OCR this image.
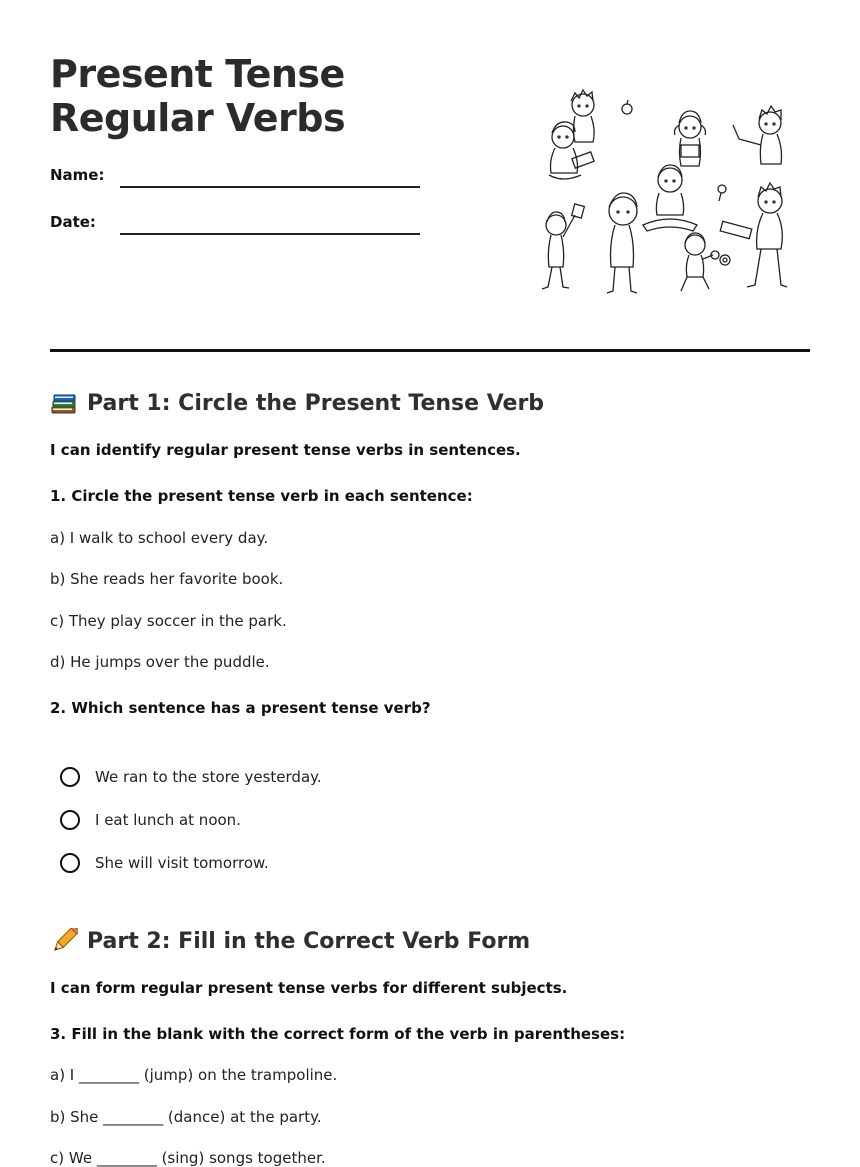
Present Tense Regular Verbs
Name:
Date:
Part 1: Circle the Present Tense Verb

I can identify regular present tense verbs in sentences.

1. Circle the present tense verb in each sentence:

a) I walk to school every day.

b) She reads her favorite book.

c) They play soccer in the park.

d) He jumps over the puddle.

2. Which sentence has a present tense verb?

We ran to the store yesterday.
I eat lunch at noon.
She will visit tomorrow.
Part 2: Fill in the Correct Verb Form

I can form regular present tense verbs for different subjects.

3. Fill in the blank with the correct form of the verb in parentheses:

a) I ________ (jump) on the trampoline.

b) She ________ (dance) at the party.

c) We ________ (sing) songs together.
